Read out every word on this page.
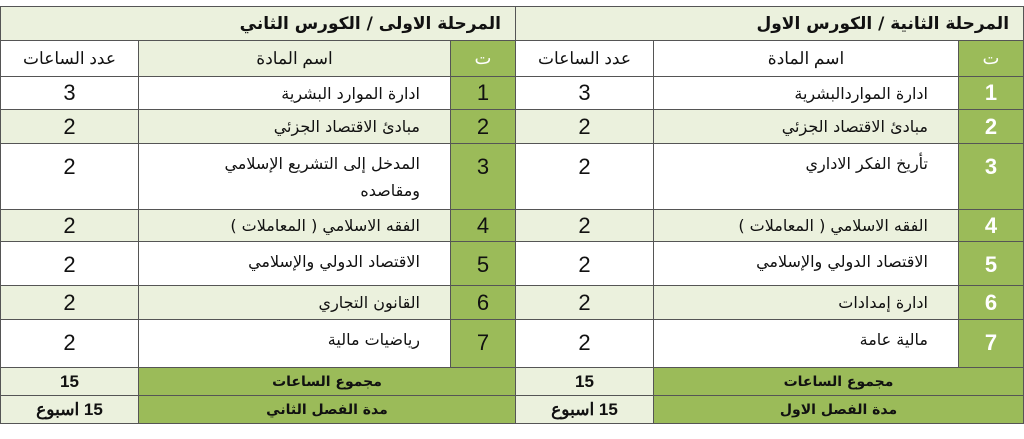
المرحلة الاولى / الكورس الثاني			المرحلة الثانية / الكورس الاول		
عدد الساعات	اسم المادة	ت	عدد الساعات	اسم المادة	ت
3	ادارة الموارد البشرية	1	3	ادارة المواردالبشرية	1
2	مبادئ الاقتصاد الجزئي	2	2	مبادئ الاقتصاد الجزئي	2
2	المدخل إلى التشريع الإسلامي
ومقاصده	3	2	تأريخ الفكر الاداري	3
2	الفقه الاسلامي ( المعاملات )	4	2	الفقه الاسلامي ( المعاملات )	4
2	الاقتصاد الدولي والإسلامي	5	2	الاقتصاد الدولي والإسلامي	5
2	القانون التجاري	6	2	ادارة إمدادات	6
2	رياضيات مالية	7	2	مالية عامة	7
15	مجموع الساعات		15	مجموع الساعات	
15 اسبوع	مدة الفصل الثاني		15 اسبوع	مدة الفصل الاول	
